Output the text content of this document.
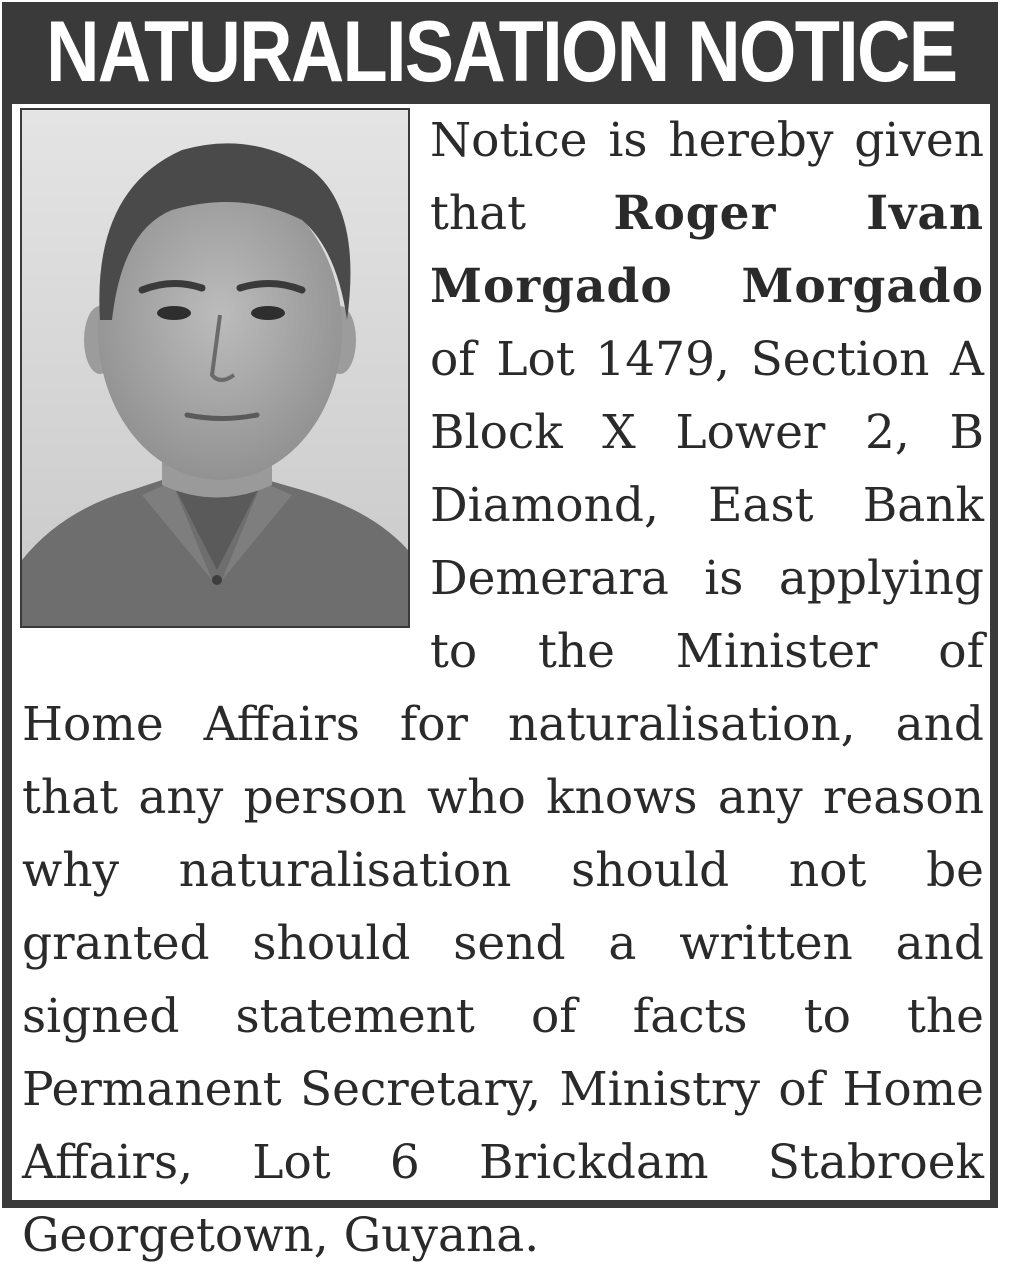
NATURALISATION NOTICE

Notice is hereby given that Roger Ivan Morgado Morgado of Lot 1479, Section A Block X Lower 2, B Diamond, East Bank Demerara is applying to the Minister of Home Affairs for naturalisation, and that any person who knows any reason why naturalisation should not be granted should send a written and signed statement of facts to the Permanent Secretary, Ministry of Home Affairs, Lot 6 Brickdam Stabroek Georgetown, Guyana.
